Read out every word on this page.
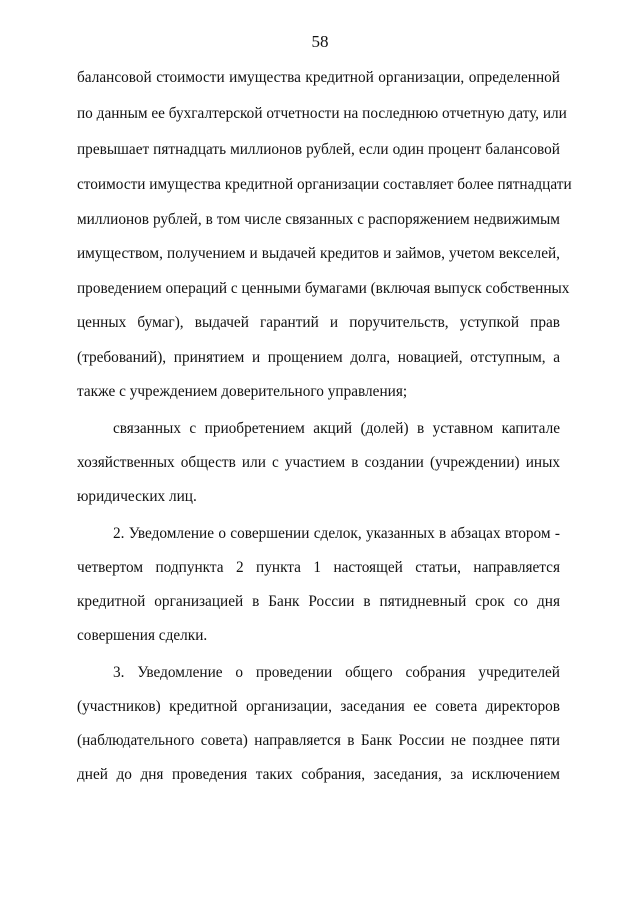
58
балансовой стоимости имущества кредитной организации, определенной
по данным ее бухгалтерской отчетности на последнюю отчетную дату, или
превышает пятнадцать миллионов рублей, если один процент балансовой
стоимости имущества кредитной организации составляет более пятнадцати
миллионов рублей, в том числе связанных с распоряжением недвижимым
имуществом, получением и выдачей кредитов и займов, учетом векселей,
проведением операций с ценными бумагами (включая выпуск собственных
ценных бумаг), выдачей гарантий и поручительств, уступкой прав
(требований), принятием и прощением долга, новацией, отступным, а
также с учреждением доверительного управления;
связанных с приобретением акций (долей) в уставном капитале
хозяйственных обществ или с участием в создании (учреждении) иных
юридических лиц.
2. Уведомление о совершении сделок, указанных в абзацах втором -
четвертом подпункта 2 пункта 1 настоящей статьи, направляется
кредитной организацией в Банк России в пятидневный срок со дня
совершения сделки.
3. Уведомление о проведении общего собрания учредителей
(участников) кредитной организации, заседания ее совета директоров
(наблюдательного совета) направляется в Банк России не позднее пяти
дней до дня проведения таких собрания, заседания, за исключением
